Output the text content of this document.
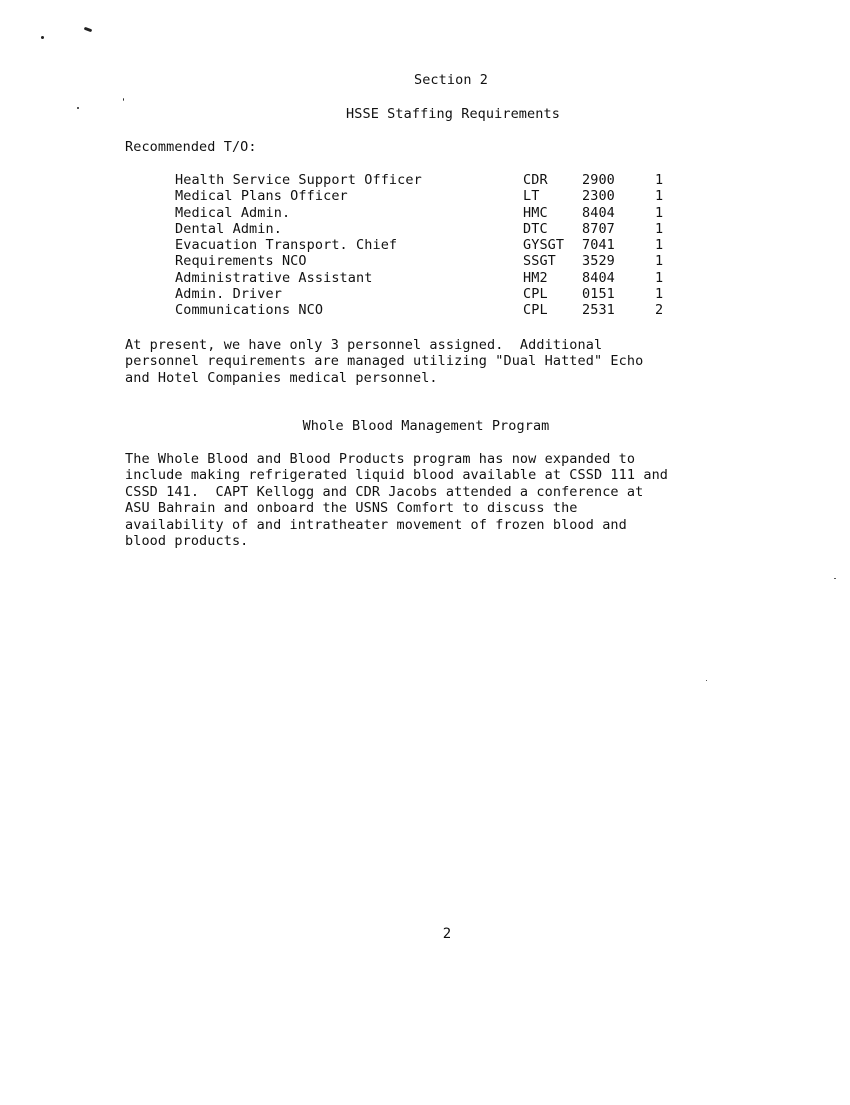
Section 2
HSSE Staffing Requirements
Recommended T/O:
Health Service Support Officer	CDR	2900	1
Medical Plans Officer	LT	2300	1
Medical Admin.	HMC	8404	1
Dental Admin.	DTC	8707	1
Evacuation Transport. Chief	GYSGT	7041	1
Requirements NCO	SSGT	3529	1
Administrative Assistant	HM2	8404	1
Admin. Driver	CPL	0151	1
Communications NCO	CPL	2531	2
At present, we have only 3 personnel assigned.  Additional
personnel requirements are managed utilizing "Dual Hatted" Echo
and Hotel Companies medical personnel.
Whole Blood Management Program
The Whole Blood and Blood Products program has now expanded to
include making refrigerated liquid blood available at CSSD 111 and
CSSD 141.  CAPT Kellogg and CDR Jacobs attended a conference at
ASU Bahrain and onboard the USNS Comfort to discuss the
availability of and intratheater movement of frozen blood and
blood products.
2
